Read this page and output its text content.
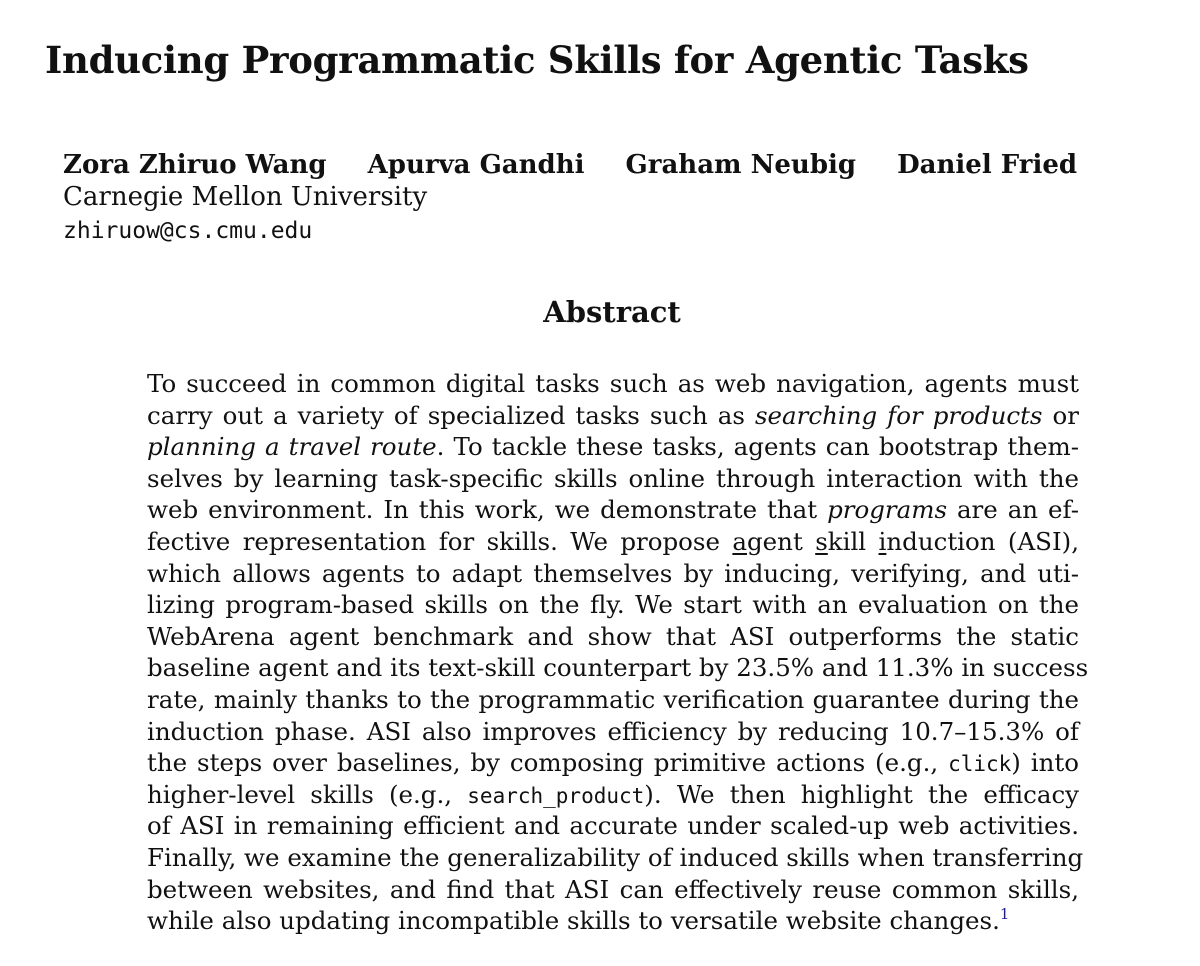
Inducing Programmatic Skills for Agentic Tasks
Zora Zhiruo Wang Apurva Gandhi Graham Neubig Daniel Fried
Carnegie Mellon University
zhiruow@cs.cmu.edu
Abstract
To succeed in common digital tasks such as web navigation, agents must
carry out a variety of specialized tasks such as searching for products or
planning a travel route. To tackle these tasks, agents can bootstrap them-
selves by learning task-specific skills online through interaction with the
web environment. In this work, we demonstrate that programs are an ef-
fective representation for skills. We propose agent skill induction (ASI),
which allows agents to adapt themselves by inducing, verifying, and uti-
lizing program-based skills on the fly. We start with an evaluation on the
WebArena agent benchmark and show that ASI outperforms the static
baseline agent and its text-skill counterpart by 23.5% and 11.3% in success
rate, mainly thanks to the programmatic verification guarantee during the
induction phase. ASI also improves efficiency by reducing 10.7–15.3% of
the steps over baselines, by composing primitive actions (e.g., click) into
higher-level skills (e.g., search_product). We then highlight the efficacy
of ASI in remaining efficient and accurate under scaled-up web activities.
Finally, we examine the generalizability of induced skills when transferring
between websites, and find that ASI can effectively reuse common skills,
while also updating incompatible skills to versatile website changes.$^1$
